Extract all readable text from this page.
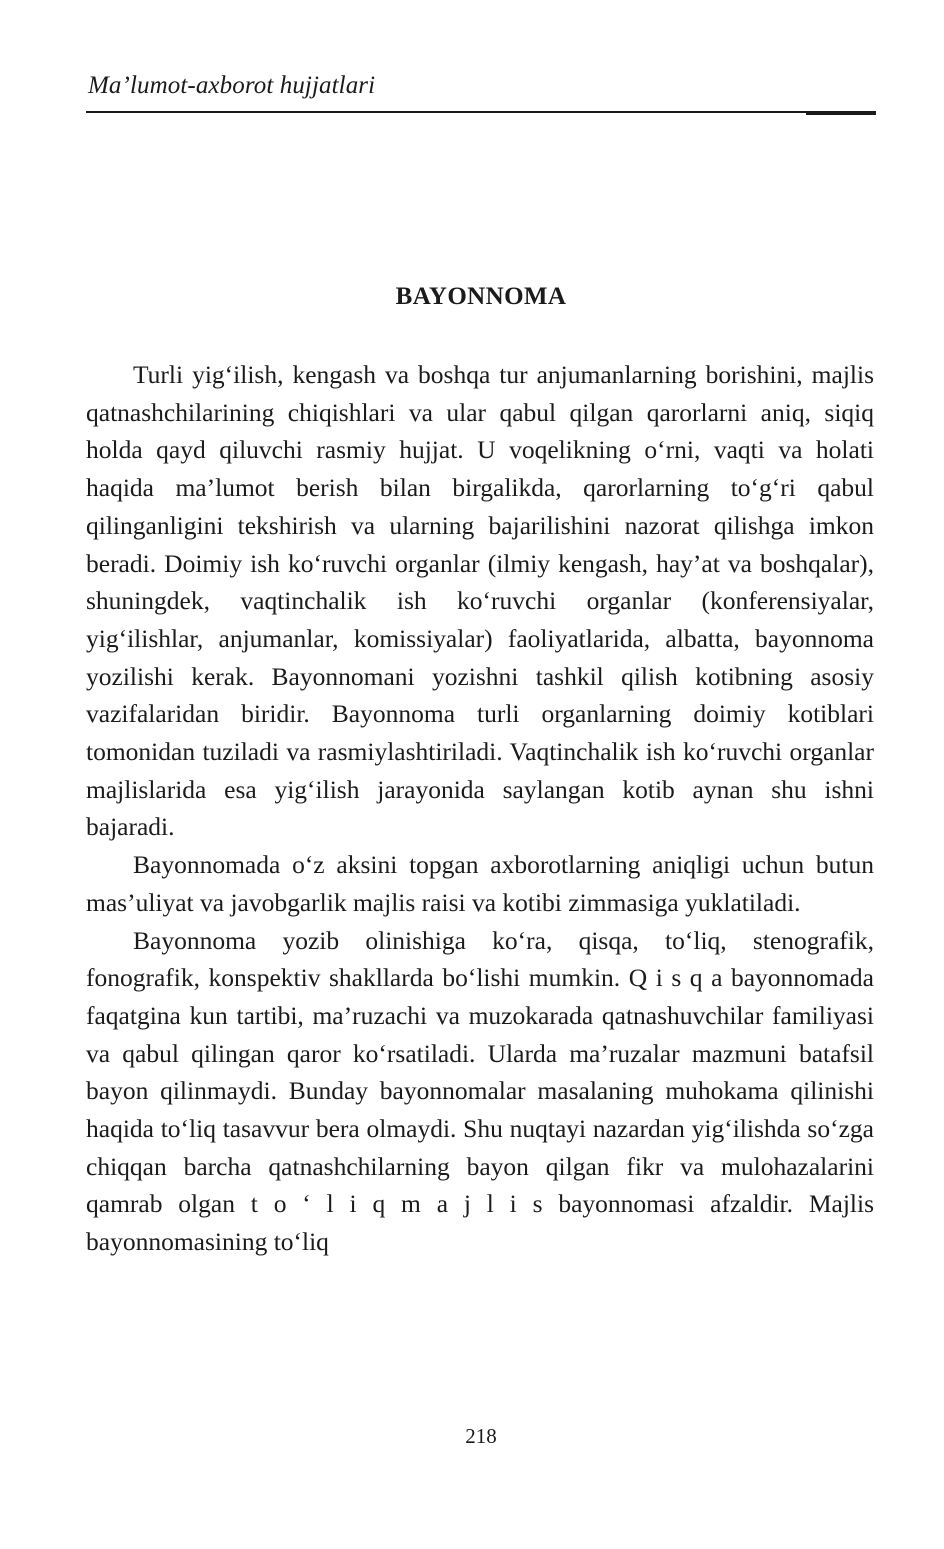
Ma’lumot-axborot hujjatlari
BAYONNOMA

Turli yig‘ilish, kengash va boshqa tur anjumanlarning borishini, majlis qatnashchilarining chiqishlari va ular qabul qilgan qarorlarni aniq, siqiq holda qayd qiluvchi rasmiy hujjat. U voqelikning o‘rni, vaqti va holati haqida ma’lumot berish bilan birgalikda, qarorlarning to‘g‘ri qabul qilinganligini tekshirish va ularning bajarilishini nazorat qilishga imkon beradi. Doimiy ish ko‘ruvchi organlar (ilmiy kengash, hay’at va boshqalar), shuningdek, vaqtinchalik ish ko‘ruvchi organlar (konferensiyalar, yig‘ilishlar, anjumanlar, komissiyalar) faoliyatlarida, albatta, bayonnoma yozilishi kerak. Bayonnomani yozishni tashkil qilish kotibning asosiy vazifalaridan biridir. Bayonnoma turli organlarning doimiy kotiblari tomonidan tuziladi va rasmiylashtiriladi. Vaqtinchalik ish ko‘ruvchi organlar majlislarida esa yig‘ilish jarayonida saylangan kotib aynan shu ishni bajaradi.

Bayonnomada o‘z aksini topgan axborotlarning aniqligi uchun butun mas’uliyat va javobgarlik majlis raisi va kotibi zimmasiga yuklatiladi.

Bayonnoma yozib olinishiga ko‘ra, qisqa, to‘liq, stenografik, fonografik, konspektiv shakllarda bo‘lishi mumkin. Q i s q a bayonnomada faqatgina kun tartibi, ma’ruzachi va muzokarada qatnashuvchilar familiyasi va qabul qilingan qaror ko‘rsatiladi. Ularda ma’ruzalar mazmuni batafsil bayon qilinmaydi. Bunday bayonnomalar masalaning muhokama qilinishi haqida to‘liq tasavvur bera olmaydi. Shu nuqtayi nazardan yig‘ilishda so‘zga chiqqan barcha qatnashchilarning bayon qilgan fikr va mulohazalarini qamrab olgan t o ‘ l i q m a j l i s bayonnomasi afzaldir. Majlis bayonnomasining to‘liq

218
